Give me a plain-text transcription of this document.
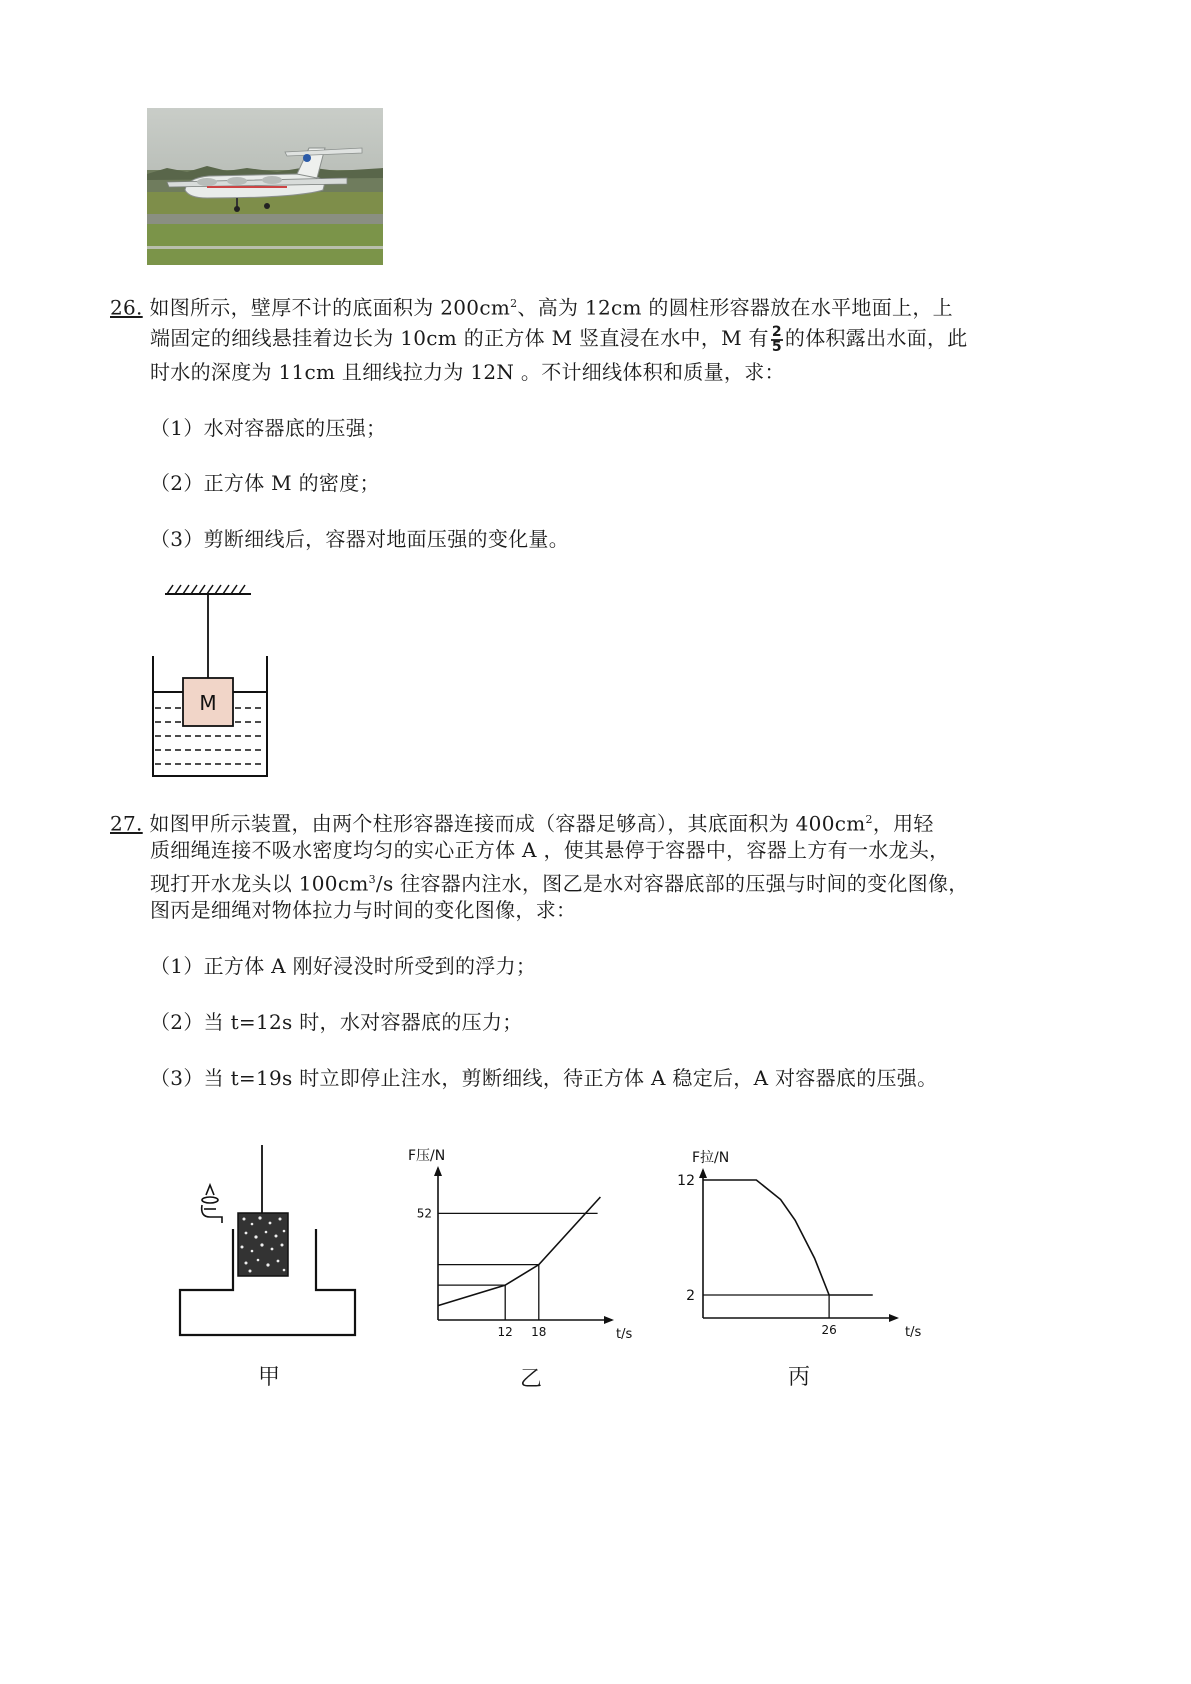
26. 如图所示，壁厚不计的底面积为 $200cm^2$、高为 12cm 的圆柱形容器放在水平地面上，上
端固定的细线悬挂着边长为 10cm 的正方体 M 竖直浸在水中，M 有 $\frac{2}{5}$ 的体积露出水面，此
时水的深度为 11cm 且细线拉力为 12N 。不计细线体积和质量，求：
（1）水对容器底的压强；
（2）正方体 M 的密度；
（3）剪断细线后，容器对地面压强的变化量。
M
27. 如图甲所示装置，由两个柱形容器连接而成（容器足够高），其底面积为 $400cm^2$，用轻
质细绳连接不吸水密度均匀的实心正方体 A ，使其悬停于容器中，容器上方有一水龙头，
现打开水龙头以 $100cm^3/s$ 往容器内注水，图乙是水对容器底部的压强与时间的变化图像，
图丙是细绳对物体拉力与时间的变化图像，求：
（1）正方体 A 刚好浸没时所受到的浮力；
（2）当 t=12s 时，水对容器底的压力；
（3）当 t=19s 时立即停止注水，剪断细线，待正方体 A 稳定后，A 对容器底的压强。
甲
F压/N
t/s
52
12 18
乙
F拉/N
t/s
12
2
26
丙
